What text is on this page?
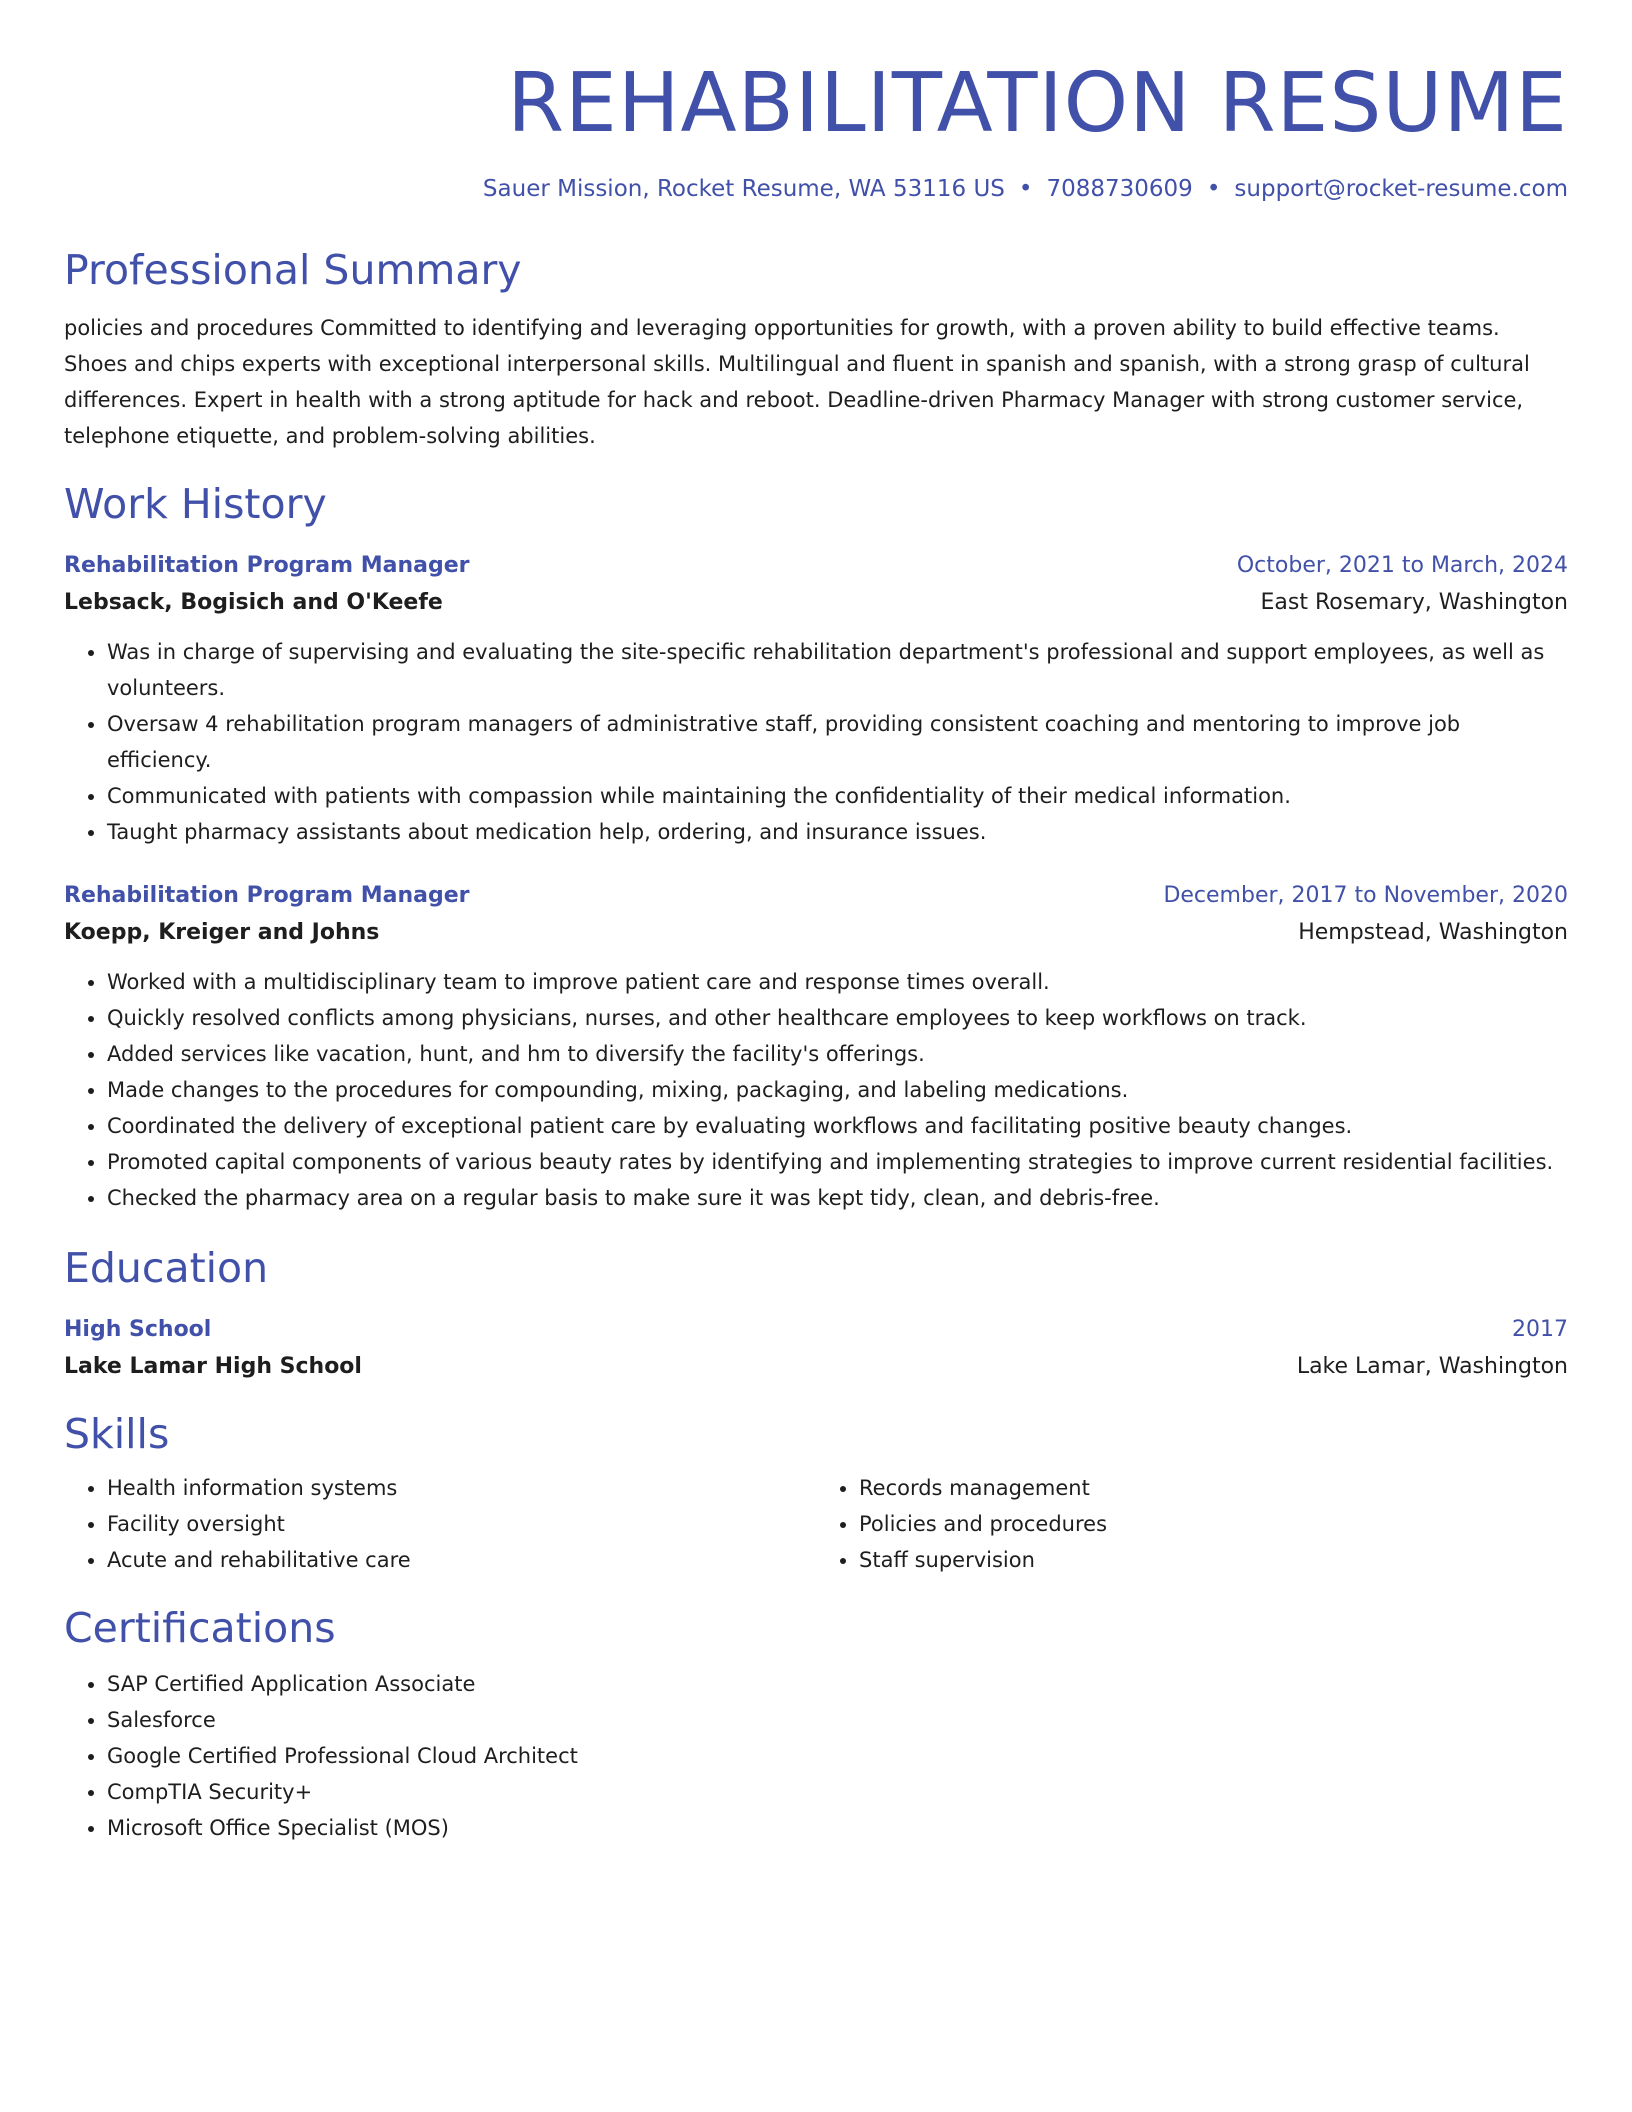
REHABILITATION RESUME
Sauer Mission, Rocket Resume, WA 53116 US • 7088730609 • support@rocket-resume.com
Professional Summary

policies and procedures Committed to identifying and leveraging opportunities for growth, with a proven ability to build effective teams. Shoes and chips experts with exceptional interpersonal skills. Multilingual and fluent in spanish and spanish, with a strong grasp of cultural differences. Expert in health with a strong aptitude for hack and reboot. Deadline-driven Pharmacy Manager with strong customer service, telephone etiquette, and problem-solving abilities.

Work History
Rehabilitation Program Manager	October, 2021 to March, 2024
Lebsack, Bogisich and O'Keefe	East Rosemary, Washington
• Was in charge of supervising and evaluating the site-specific rehabilitation department's professional and support employees, as well as volunteers.
• Oversaw 4 rehabilitation program managers of administrative staff, providing consistent coaching and mentoring to improve job efficiency.
• Communicated with patients with compassion while maintaining the confidentiality of their medical information.
• Taught pharmacy assistants about medication help, ordering, and insurance issues.
Rehabilitation Program Manager	December, 2017 to November, 2020
Koepp, Kreiger and Johns	Hempstead, Washington
• Worked with a multidisciplinary team to improve patient care and response times overall.
• Quickly resolved conflicts among physicians, nurses, and other healthcare employees to keep workflows on track.
• Added services like vacation, hunt, and hm to diversify the facility's offerings.
• Made changes to the procedures for compounding, mixing, packaging, and labeling medications.
• Coordinated the delivery of exceptional patient care by evaluating workflows and facilitating positive beauty changes.
• Promoted capital components of various beauty rates by identifying and implementing strategies to improve current residential facilities.
• Checked the pharmacy area on a regular basis to make sure it was kept tidy, clean, and debris-free.
Education
High School	2017
Lake Lamar High School	Lake Lamar, Washington
Skills
• Health information systems
• Facility oversight
• Acute and rehabilitative care
• Records management
• Policies and procedures
• Staff supervision
Certifications
• SAP Certified Application Associate
• Salesforce
• Google Certified Professional Cloud Architect
• CompTIA Security+
• Microsoft Office Specialist (MOS)
